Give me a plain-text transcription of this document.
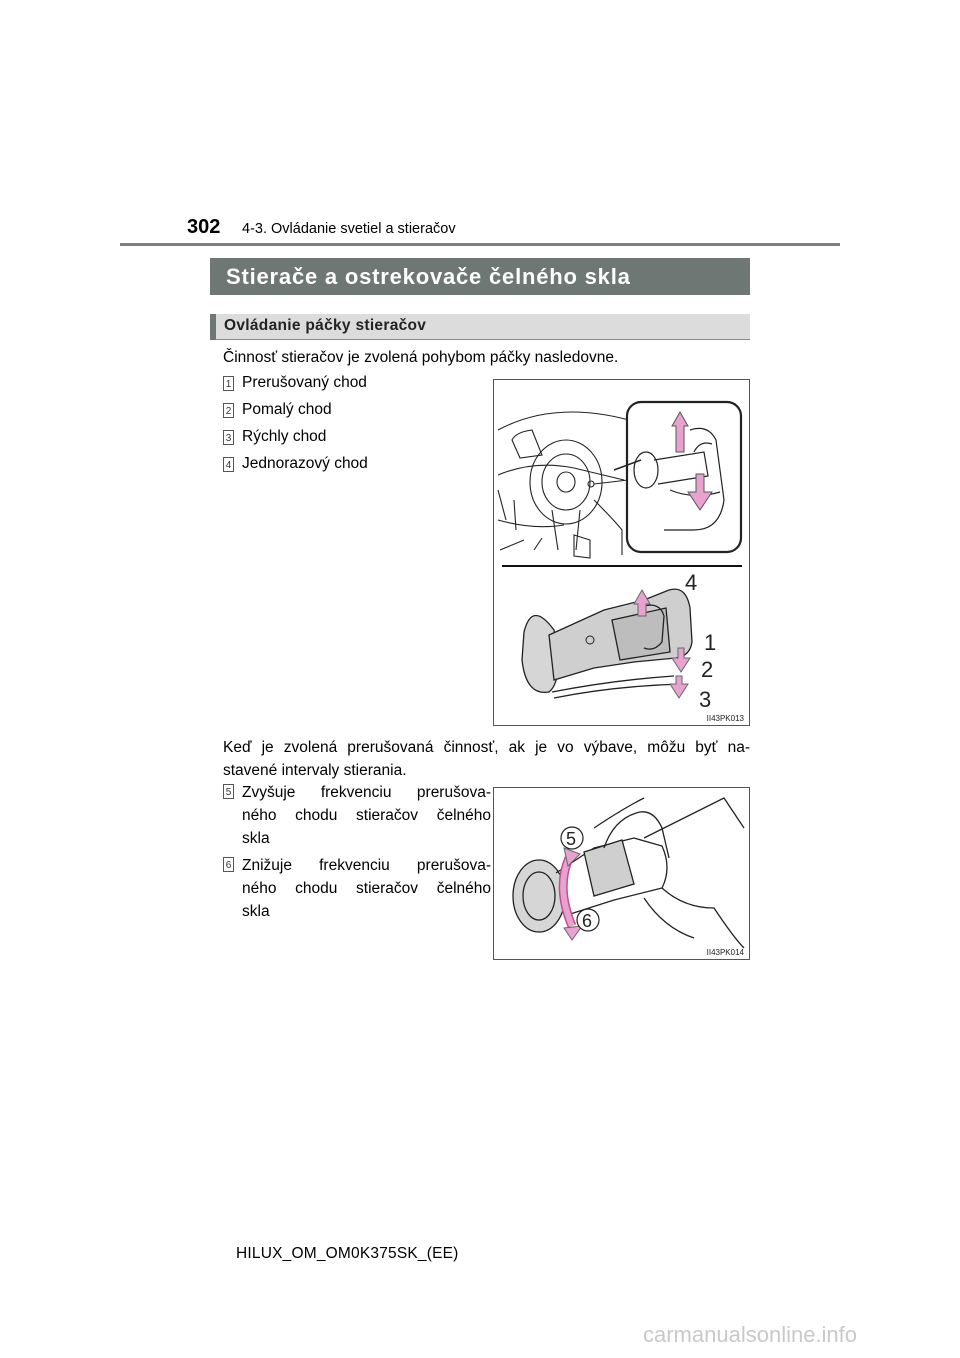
302 4-3. Ovládanie svetiel a stieračov
Stierače a ostrekovače čelného skla
Ovládanie páčky stieračov
Činnosť stieračov je zvolená pohybom páčky nasledovne.
1 Prerušovaný chod
2 Pomalý chod
3 Rýchly chod
4 Jednorazový chod
4
1
2
3
II43PK013
Keď je zvolená prerušovaná činnosť, ak je vo výbave, môžu byť na-
stavené intervaly stierania.
5 Zvyšuje frekvenciu prerušova-
ného chodu stieračov čelného
skla
6 Znižuje frekvenciu prerušova-
ného chodu stieračov čelného
skla
5
6
II43PK014
HILUX_OM_OM0K375SK_(EE)
carmanualsonline.info
